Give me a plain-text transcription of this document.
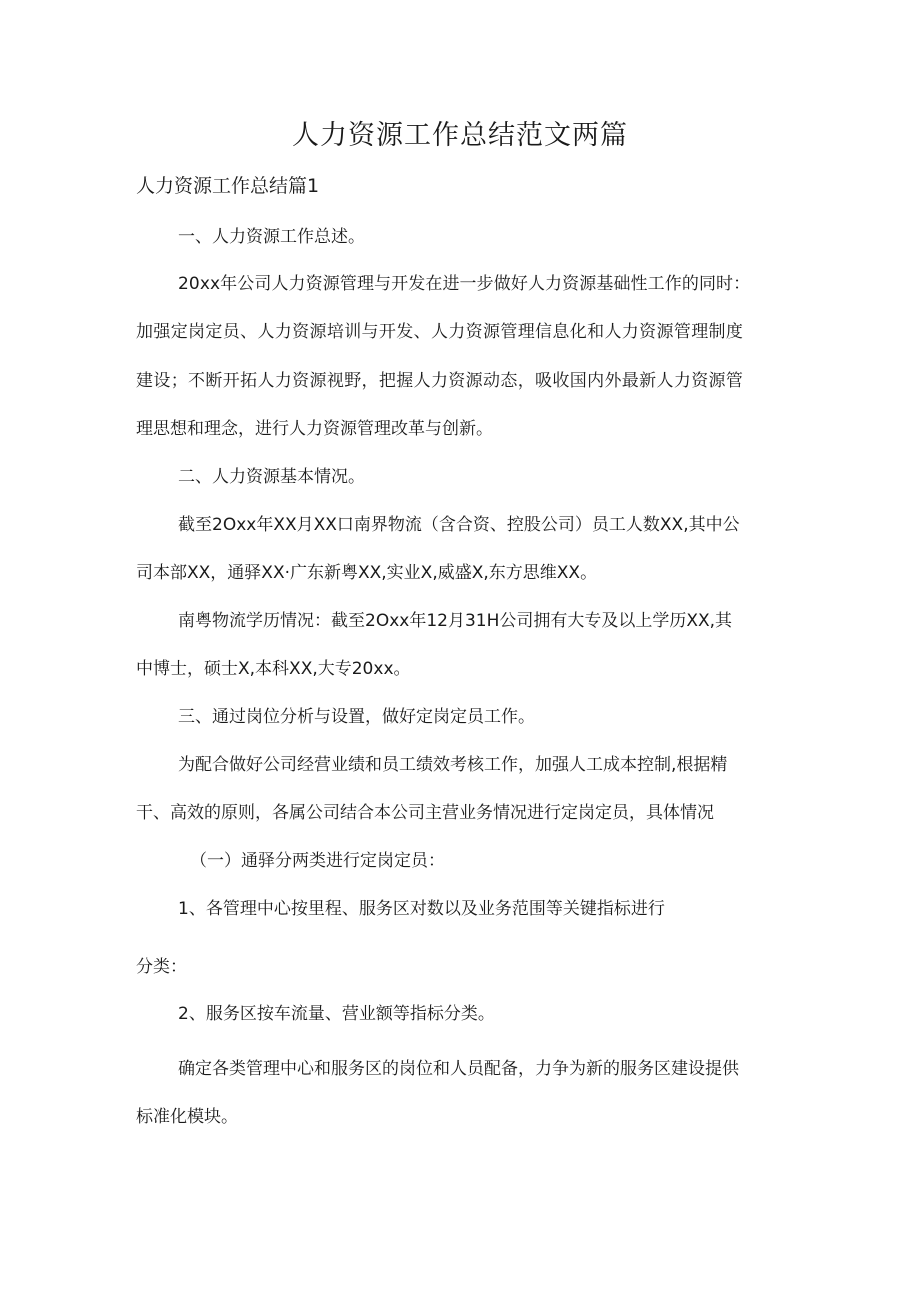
人力资源工作总结范文两篇
人力资源工作总结篇1

一、人力资源工作总述。

20xx年公司人力资源管理与开发在进一步做好人力资源基础性工作的同时：

加强定岗定员、人力资源培训与开发、人力资源管理信息化和人力资源管理制度

建设；不断开拓人力资源视野，把握人力资源动态，吸收国内外最新人力资源管

理思想和理念，进行人力资源管理改革与创新。

二、人力资源基本情况。

截至2Oxx年XX月XX口南界物流（含合资、控股公司）员工人数XX,其中公

司本部XX，通驿XX·广东新粤XX,实业X,威盛X,东方思维XX。

南粤物流学历情况：截至2Oxx年12月31H公司拥有大专及以上学历XX,其

中博士，硕士X,本科XX,大专20xx。

三、通过岗位分析与设置，做好定岗定员工作。

为配合做好公司经营业绩和员工绩效考核工作，加强人工成本控制,根据精

干、高效的原则，各属公司结合本公司主营业务情况进行定岗定员，具体情况

（一）通驿分两类进行定岗定员：

1、各管理中心按里程、服务区对数以及业务范围等关键指标进行

分类：

2、服务区按车流量、营业额等指标分类。

确定各类管理中心和服务区的岗位和人员配备，力争为新的服务区建设提供

标准化模块。
